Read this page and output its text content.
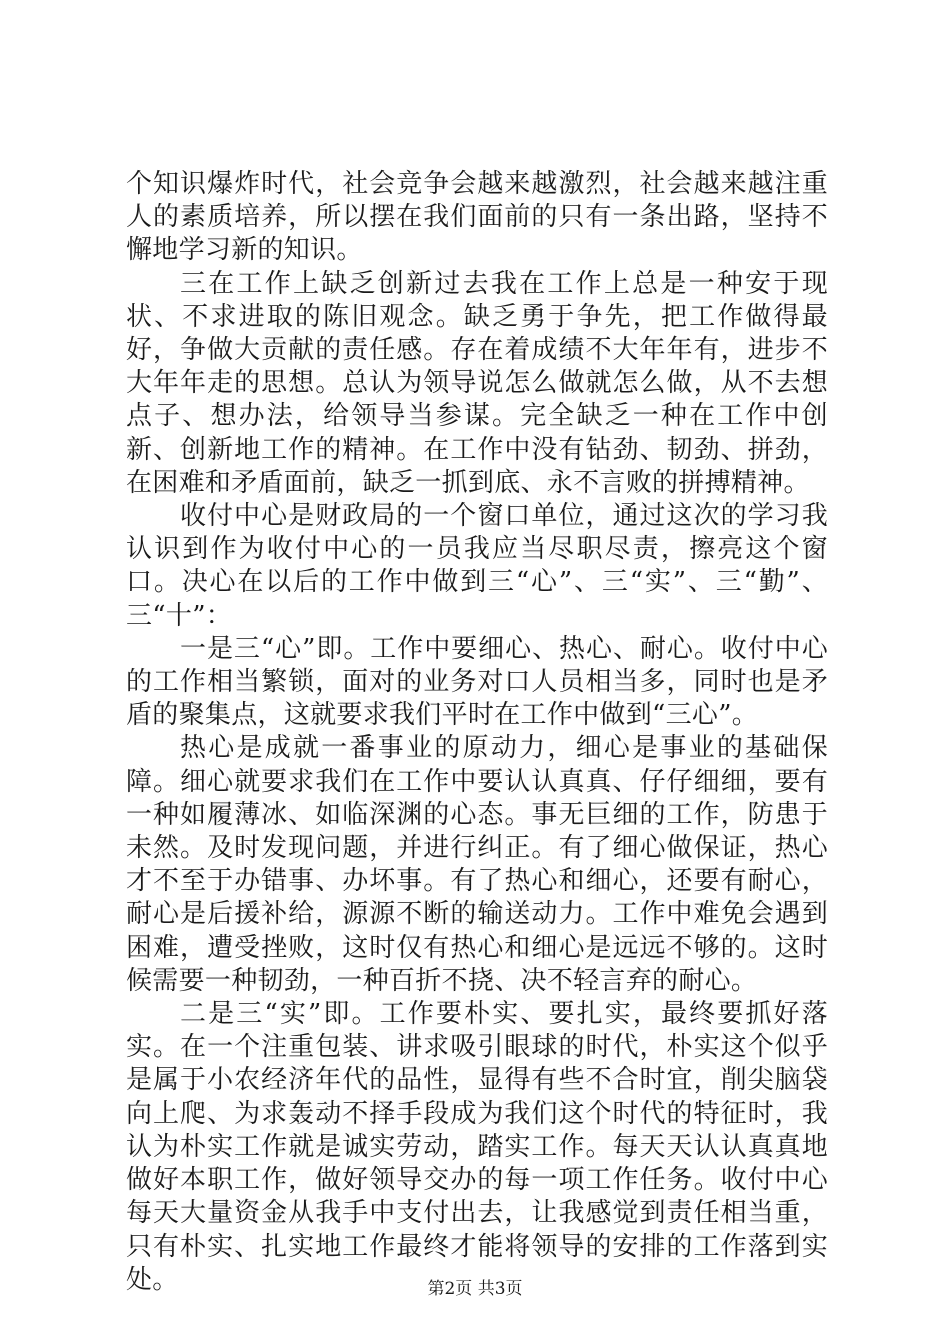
个知识爆炸时代，社会竞争会越来越激烈，社会越来越注重人的素质培养，所以摆在我们面前的只有一条出路，坚持不懈地学习新的知识。

三在工作上缺乏创新过去我在工作上总是一种安于现状、不求进取的陈旧观念。缺乏勇于争先，把工作做得最好，争做大贡献的责任感。存在着成绩不大年年有，进步不大年年走的思想。总认为领导说怎么做就怎么做，从不去想点子、想办法，给领导当参谋。完全缺乏一种在工作中创新、创新地工作的精神。在工作中没有钻劲、韧劲、拼劲，在困难和矛盾面前，缺乏一抓到底、永不言败的拼搏精神。

收付中心是财政局的一个窗口单位，通过这次的学习我认识到作为收付中心的一员我应当尽职尽责，擦亮这个窗口。决心在以后的工作中做到三“心”、三“实”、三“勤”、三“十”：

一是三“心”即。工作中要细心、热心、耐心。收付中心的工作相当繁锁，面对的业务对口人员相当多，同时也是矛盾的聚集点，这就要求我们平时在工作中做到“三心”。

热心是成就一番事业的原动力，细心是事业的基础保障。细心就要求我们在工作中要认认真真、仔仔细细，要有一种如履薄冰、如临深渊的心态。事无巨细的工作，防患于未然。及时发现问题，并进行纠正。有了细心做保证，热心才不至于办错事、办坏事。有了热心和细心，还要有耐心，耐心是后援补给，源源不断的输送动力。工作中难免会遇到困难，遭受挫败，这时仅有热心和细心是远远不够的。这时候需要一种韧劲，一种百折不挠、决不轻言弃的耐心。

二是三“实”即。工作要朴实、要扎实，最终要抓好落实。在一个注重包装、讲求吸引眼球的时代，朴实这个似乎是属于小农经济年代的品性，显得有些不合时宜，削尖脑袋向上爬、为求轰动不择手段成为我们这个时代的特征时，我认为朴实工作就是诚实劳动，踏实工作。每天天认认真真地做好本职工作，做好领导交办的每一项工作任务。收付中心每天大量资金从我手中支付出去，让我感觉到责任相当重，只有朴实、扎实地工作最终才能将领导的安排的工作落到实处。	第2页 共3页
